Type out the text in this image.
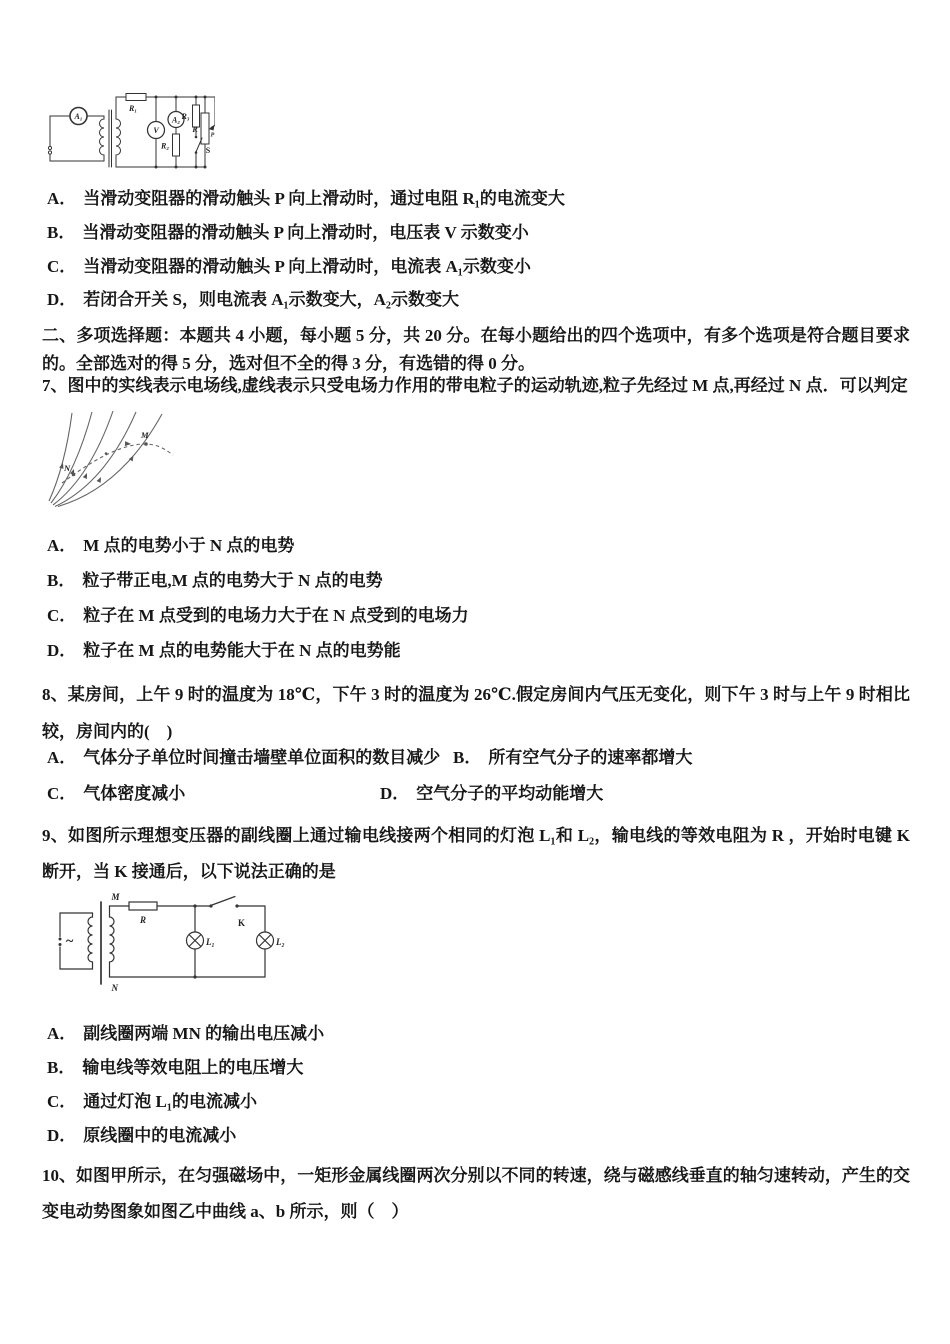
A₁
R₁
V
A₂
R₂
R₃
S
R
P
A． 当滑动变阻器的滑动触头 P 向上滑动时，通过电阻 R₁的电流变大
B． 当滑动变阻器的滑动触头 P 向上滑动时，电压表 V 示数变小
C． 当滑动变阻器的滑动触头 P 向上滑动时，电流表 A₁示数变小
D． 若闭合开关 S，则电流表 A₁示数变大，A₂示数变大
二、多项选择题：本题共 4 小题，每小题 5 分，共 20 分。在每小题给出的四个选项中，有多个选项是符合题目要求的。全部选对的得 5 分，选对但不全的得 3 分，有选错的得 0 分。
7、图中的实线表示电场线,虚线表示只受电场力作用的带电粒子的运动轨迹,粒子先经过 M 点,再经过 N 点．可以判定
M
N
A． M 点的电势小于 N 点的电势
B． 粒子带正电,M 点的电势大于 N 点的电势
C． 粒子在 M 点受到的电场力大于在 N 点受到的电场力
D． 粒子在 M 点的电势能大于在 N 点的电势能
8、某房间，上午 9 时的温度为 18℃，下午 3 时的温度为 26℃.假定房间内气压无变化，则下午 3 时与上午 9 时相比较，房间内的(　)
A． 气体分子单位时间撞击墙壁单位面积的数目减少 B． 所有空气分子的速率都增大
C． 气体密度减小	D． 空气分子的平均动能增大
9、如图所示理想变压器的副线圈上通过输电线接两个相同的灯泡 L₁和 L₂，输电线的等效电阻为 R ，开始时电键 K 断开，当 K 接通后，以下说法正确的是
~
M
N
R	K
L₁	L₂
A． 副线圈两端 MN 的输出电压减小
B． 输电线等效电阻上的电压增大
C． 通过灯泡 L₁的电流减小
D． 原线圈中的电流减小
10、如图甲所示，在匀强磁场中，一矩形金属线圈两次分别以不同的转速，绕与磁感线垂直的轴匀速转动，产生的交变电动势图象如图乙中曲线 a、b 所示，则（　）
